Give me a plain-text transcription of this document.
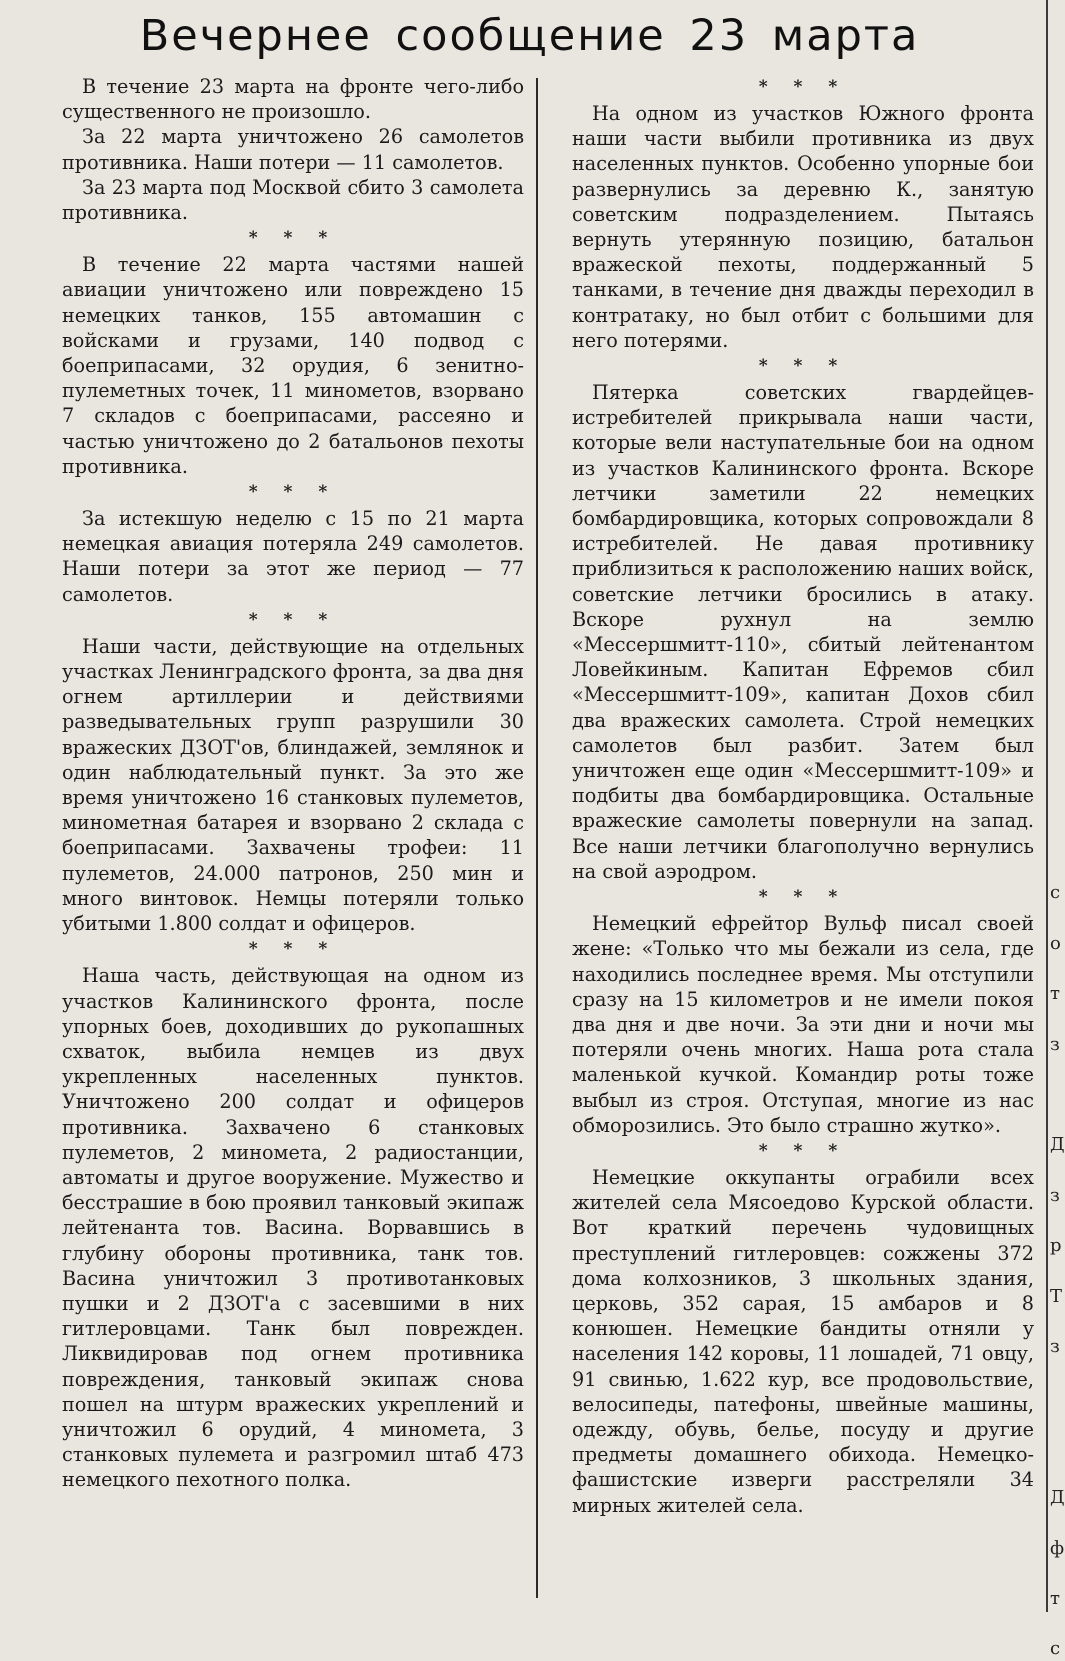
Вечернее сообщение 23 марта

В течение 23 марта на фронте чего-либо существенного не произошло.

За 22 марта уничтожено 26 самолетов противника. Наши потери — 11 самолетов.

За 23 марта под Москвой сбито 3 самолета противника.

* * *

В течение 22 марта частями нашей авиации уничтожено или повреждено 15 немецких танков, 155 автомашин с войсками и грузами, 140 подвод с боеприпасами, 32 орудия, 6 зенитно-пулеметных точек, 11 минометов, взорвано 7 складов с боеприпасами, рассеяно и частью уничтожено до 2 батальонов пехоты противника.

* * *

За истекшую неделю с 15 по 21 марта немецкая авиация потеряла 249 самолетов. Наши потери за этот же период — 77 самолетов.

* * *

Наши части, действующие на отдельных участках Ленинградского фронта, за два дня огнем артиллерии и действиями разведывательных групп разрушили 30 вражеских ДЗОТ'ов, блиндажей, землянок и один наблюдательный пункт. За это же время уничтожено 16 станковых пулеметов, минометная батарея и взорвано 2 склада с боеприпасами. Захвачены трофеи: 11 пулеметов, 24.000 патронов, 250 мин и много винтовок. Немцы потеряли только убитыми 1.800 солдат и офицеров.

* * *

Наша часть, действующая на одном из участков Калининского фронта, после упорных боев, доходивших до рукопашных схваток, выбила немцев из двух укрепленных населенных пунктов. Уничтожено 200 солдат и офицеров противника. Захвачено 6 станковых пулеметов, 2 миномета, 2 радиостанции, автоматы и другое вооружение. Мужество и бесстрашие в бою проявил танковый экипаж лейтенанта тов. Васина. Ворвавшись в глубину обороны противника, танк тов. Васина уничтожил 3 противотанковых пушки и 2 ДЗОТ'а с засевшими в них гитлеровцами. Танк был поврежден. Ликвидировав под огнем противника повреждения, танковый экипаж снова пошел на штурм вражеских укреплений и уничтожил 6 орудий, 4 миномета, 3 станковых пулемета и разгромил штаб 473 немецкого пехотного полка.

* * *

На одном из участков Южного фронта наши части выбили противника из двух населенных пунктов. Особенно упорные бои развернулись за деревню К., занятую советским подразделением. Пытаясь вернуть утерянную позицию, батальон вражеской пехоты, поддержанный 5 танками, в течение дня дважды переходил в контратаку, но был отбит с большими для него потерями.

* * *

Пятерка советских гвардейцев-истребителей прикрывала наши части, которые вели наступательные бои на одном из участков Калининского фронта. Вскоре летчики заметили 22 немецких бомбардировщика, которых сопровождали 8 истребителей. Не давая противнику приблизиться к расположению наших войск, советские летчики бросились в атаку. Вскоре рухнул на землю «Мессершмитт-110», сбитый лейтенантом Ловейкиным. Капитан Ефремов сбил «Мессершмитт-109», капитан Дохов сбил два вражеских самолета. Строй немецких самолетов был разбит. Затем был уничтожен еще один «Мессершмитт-109» и подбиты два бомбардировщика. Остальные вражеские самолеты повернули на запад. Все наши летчики благополучно вернулись на свой аэродром.

* * *

Немецкий ефрейтор Вульф писал своей жене: «Только что мы бежали из села, где находились последнее время. Мы отступили сразу на 15 километров и не имели покоя два дня и две ночи. За эти дни и ночи мы потеряли очень многих. Наша рота стала маленькой кучкой. Командир роты тоже выбыл из строя. Отступая, многие из нас обморозились. Это было страшно жутко».

* * *

Немецкие оккупанты ограбили всех жителей села Мясоедово Курской области. Вот краткий перечень чудовищных преступлений гитлеровцев: сожжены 372 дома колхозников, 3 школьных здания, церковь, 352 сарая, 15 амбаров и 8 конюшен. Немецкие бандиты отняли у населения 142 коровы, 11 лошадей, 71 овцу, 91 свинью, 1.622 кур, все продовольствие, велосипеды, патефоны, швейные машины, одежду, обувь, белье, посуду и другие предметы домашнего обихода. Немецко-фашистские изверги расстреляли 34 мирных жителей села.

с
о
т
з
Д
з
р
Т
з
Д
ф
т
с
